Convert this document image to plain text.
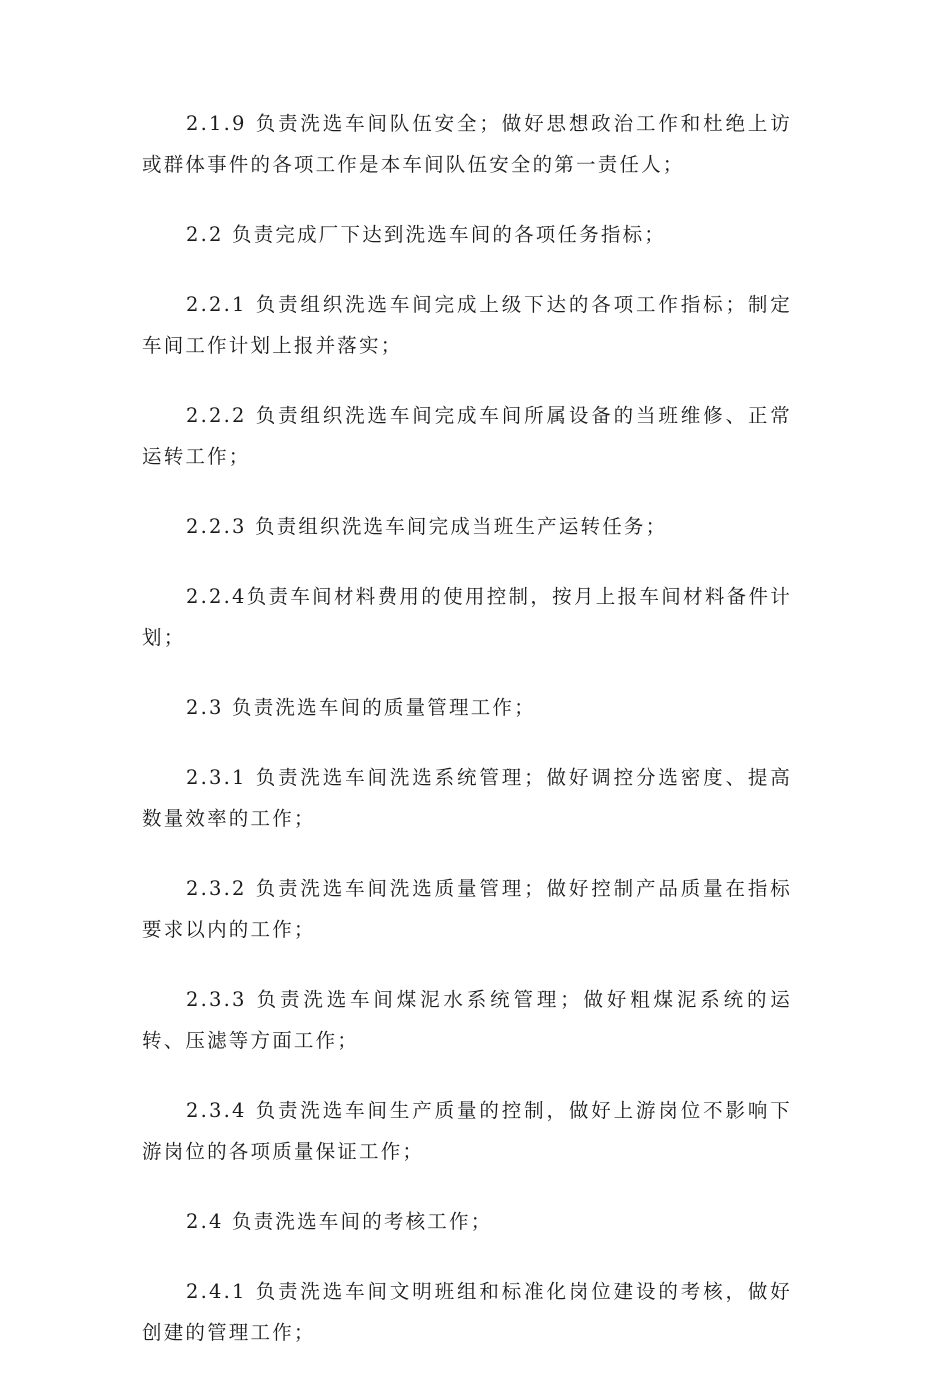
2.1.9 负责洗选车间队伍安全；做好思想政治工作和杜绝上访或群体事件的各项工作是本车间队伍安全的第一责任人；

2.2 负责完成厂下达到洗选车间的各项任务指标；

2.2.1 负责组织洗选车间完成上级下达的各项工作指标；制定车间工作计划上报并落实；

2.2.2 负责组织洗选车间完成车间所属设备的当班维修、正常运转工作；

2.2.3 负责组织洗选车间完成当班生产运转任务；

2.2.4负责车间材料费用的使用控制，按月上报车间材料备件计划；

2.3 负责洗选车间的质量管理工作；

2.3.1 负责洗选车间洗选系统管理；做好调控分选密度、提高数量效率的工作；

2.3.2 负责洗选车间洗选质量管理；做好控制产品质量在指标要求以内的工作；

2.3.3 负责洗选车间煤泥水系统管理；做好粗煤泥系统的运转、压滤等方面工作；

2.3.4 负责洗选车间生产质量的控制，做好上游岗位不影响下游岗位的各项质量保证工作；

2.4 负责洗选车间的考核工作；

2.4.1 负责洗选车间文明班组和标准化岗位建设的考核，做好创建的管理工作；
